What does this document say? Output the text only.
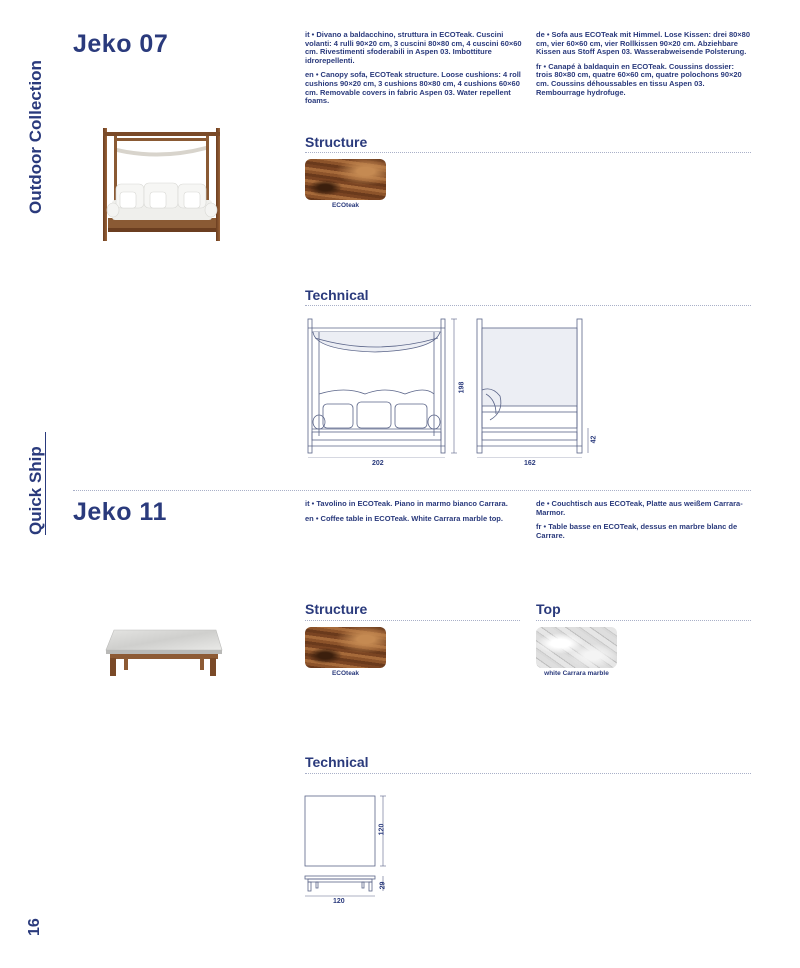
Outdoor Collection
Quick Ship
16
Jeko 07	it • Divano a baldacchino, struttura in ECOTeak. Cuscini volanti: 4 rulli 90×20 cm, 3 cuscini 80×80 cm, 4 cuscini 60×60 cm. Rivestimenti sfoderabili in Aspen 03. Imbottiture idrorepellenti.

en • Canopy sofa, ECOTeak structure. Loose cushions: 4 roll cushions 90×20 cm, 3 cushions 80×80 cm, 4 cushions 60×60 cm. Removable covers in fabric Aspen 03. Water repellent foams.

de • Sofa aus ECOTeak mit Himmel. Lose Kissen: drei 80×80 cm, vier 60×60 cm, vier Rollkissen 90×20 cm. Abziehbare Kissen aus Stoff Aspen 03. Wasserabweisende Polsterung.

fr • Canapé à baldaquin en ECOTeak. Coussins dossier: trois 80×80 cm, quatre 60×60 cm, quatre polochons 90×20 cm. Coussins déhoussables en tissu Aspen 03. Rembourrage hydrofuge.

Structure
ECOteak
Technical
202
198
162
42
Jeko 11	it • Tavolino in ECOTeak. Piano in marmo bianco Carrara.

en • Coffee table in ECOTeak. White Carrara marble top.

de • Couchtisch aus ECOTeak, Platte aus weißem Carrara-Marmor.

fr • Table basse en ECOTeak, dessus en marbre blanc de Carrare.

Structure
ECOteak
Top
white Carrara marble
Technical
120
29
120
